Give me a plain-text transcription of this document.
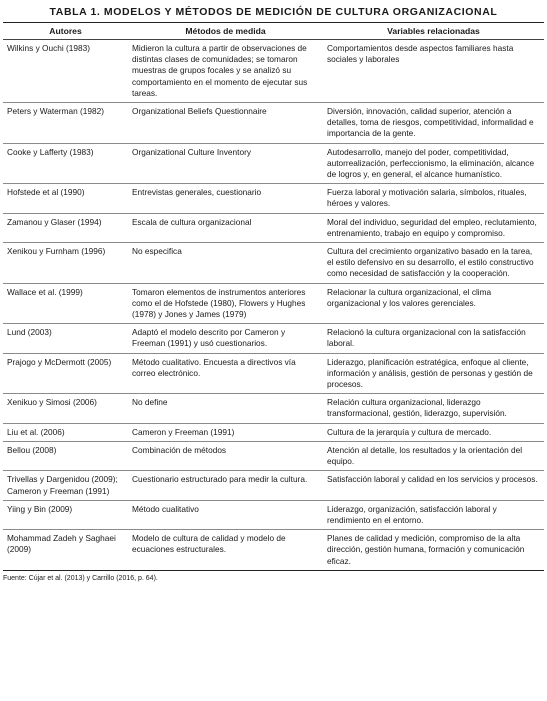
TABLA 1. MODELOS Y MÉTODOS DE MEDICIÓN DE CULTURA ORGANIZACIONAL
Autores	Métodos de medida	Variables relacionadas
Wilkins y Ouchi (1983)	Midieron la cultura a partir de observaciones de distintas clases de comunidades; se tomaron muestras de grupos focales y se analizó su comportamiento en el momento de ejecutar sus tareas.	Comportamientos desde aspectos familiares hasta sociales y laborales
Peters y Waterman (1982)	Organizational Beliefs Questionnaire	Diversión, innovación, calidad superior, atención a detalles, toma de riesgos, competitividad, informalidad e importancia de la gente.
Cooke y Lafferty (1983)	Organizational Culture Inventory	Autodesarrollo, manejo del poder, competitividad, autorrealización, perfeccionismo, la eliminación, alcance de logros y, en general, el alcance humanístico.
Hofstede et al (1990)	Entrevistas generales, cuestionario	Fuerza laboral y motivación salaria, símbolos, rituales, héroes y valores.
Zamanou y Glaser (1994)	Escala de cultura organizacional	Moral del individuo, seguridad del empleo, reclutamiento, entrenamiento, trabajo en equipo y compromiso.
Xenikou y Furnham (1996)	No especifica	Cultura del crecimiento organizativo basado en la tarea, el estilo defensivo en su desarrollo, el estilo constructivo como necesidad de satisfacción y la cooperación.
Wallace et al. (1999)	Tomaron elementos de instrumentos anteriores como el de Hofstede (1980), Flowers y Hughes (1978) y Jones y James (1979)	Relacionar la cultura organizacional, el clima organizacional y los valores gerenciales.
Lund (2003)	Adaptó el modelo descrito por Cameron y Freeman (1991) y usó cuestionarios.	Relacionó la cultura organizacional con la satisfacción laboral.
Prajogo y McDermott (2005)	Método cualitativo. Encuesta a directivos vía correo electrónico.	Liderazgo, planificación estratégica, enfoque al cliente, información y análisis, gestión de personas y gestión de procesos.
Xenikuo y Simosi (2006)	No define	Relación cultura organizacional, liderazgo transformacional, gestión, liderazgo, supervisión.
Liu et al. (2006)	Cameron y Freeman (1991)	Cultura de la jerarquía y cultura de mercado.
Bellou (2008)	Combinación de métodos	Atención al detalle, los resultados y la orientación del equipo.
Trivellas y Dargenidou (2009); Cameron y Freeman (1991)	Cuestionario estructurado para medir la cultura.	Satisfacción laboral y calidad en los servicios y procesos.
Yiing y Bin (2009)	Método cualitativo	Liderazgo, organización, satisfacción laboral y rendimiento en el entorno.
Mohammad Zadeh y Saghaei (2009)	Modelo de cultura de calidad y modelo de ecuaciones estructurales.	Planes de calidad y medición, compromiso de la alta dirección, gestión humana, formación y comunicación eficaz.
Fuente: Cújar et al. (2013) y Carrillo (2016, p. 64).
